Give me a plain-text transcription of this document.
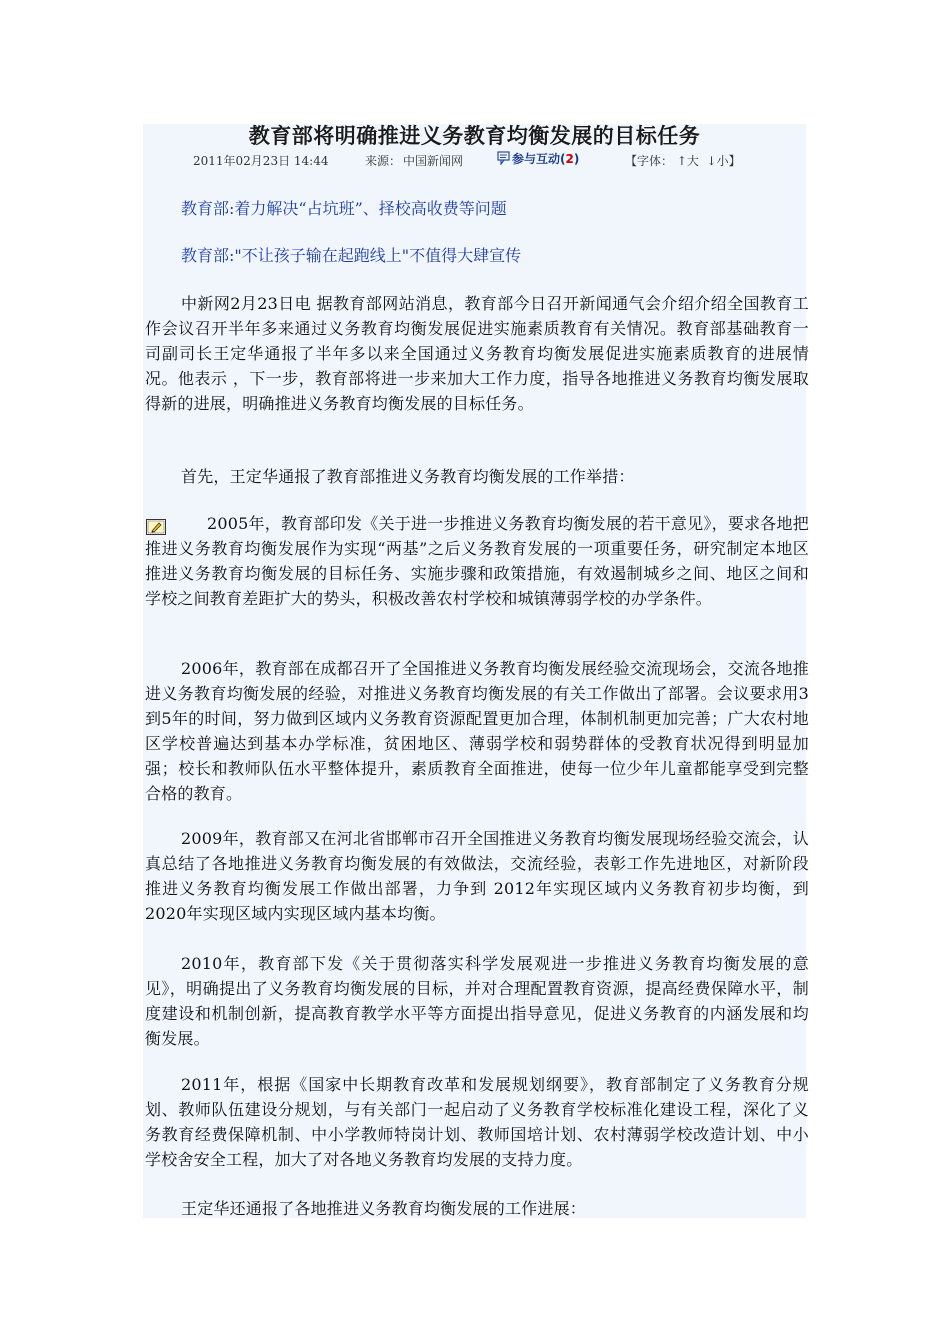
教育部将明确推进义务教育均衡发展的目标任务
2011年02月23日 14:44	来源： 中国新闻网	参与互动(2)	【字体： ↑大 ↓小】
教育部:着力解决“占坑班”、择校高收费等问题
教育部:"不让孩子输在起跑线上"不值得大肆宣传

中新网2月23日电 据教育部网站消息，教育部今日召开新闻通气会介绍介绍全国教育工作会议召开半年多来通过义务教育均衡发展促进实施素质教育有关情况。教育部基础教育一司副司长王定华通报了半年多以来全国通过义务教育均衡发展促进实施素质教育的进展情况。他表示 ，下一步，教育部将进一步来加大工作力度，指导各地推进义务教育均衡发展取得新的进展，明确推进义务教育均衡发展的目标任务。

首先，王定华通报了教育部推进义务教育均衡发展的工作举措：

2005年，教育部印发《关于进一步推进义务教育均衡发展的若干意见》，要求各地把推进义务教育均衡发展作为实现“两基”之后义务教育发展的一项重要任务，研究制定本地区推进义务教育均衡发展的目标任务、实施步骤和政策措施，有效遏制城乡之间、地区之间和学校之间教育差距扩大的势头，积极改善农村学校和城镇薄弱学校的办学条件。

2006年，教育部在成都召开了全国推进义务教育均衡发展经验交流现场会，交流各地推进义务教育均衡发展的经验，对推进义务教育均衡发展的有关工作做出了部署。会议要求用3到5年的时间，努力做到区域内义务教育资源配置更加合理，体制机制更加完善；广大农村地区学校普遍达到基本办学标准，贫困地区、薄弱学校和弱势群体的受教育状况得到明显加强；校长和教师队伍水平整体提升，素质教育全面推进，使每一位少年儿童都能享受到完整合格的教育。

2009年，教育部又在河北省邯郸市召开全国推进义务教育均衡发展现场经验交流会，认真总结了各地推进义务教育均衡发展的有效做法，交流经验，表彰工作先进地区，对新阶段推进义务教育均衡发展工作做出部署，力争到 2012年实现区域内义务教育初步均衡，到2020年实现区域内实现区域内基本均衡。

2010年，教育部下发《关于贯彻落实科学发展观进一步推进义务教育均衡发展的意见》，明确提出了义务教育均衡发展的目标，并对合理配置教育资源，提高经费保障水平，制度建设和机制创新，提高教育教学水平等方面提出指导意见，促进义务教育的内涵发展和均衡发展。

2011年，根据《国家中长期教育改革和发展规划纲要》，教育部制定了义务教育分规划、教师队伍建设分规划，与有关部门一起启动了义务教育学校标准化建设工程，深化了义务教育经费保障机制、中小学教师特岗计划、教师国培计划、农村薄弱学校改造计划、中小学校舍安全工程，加大了对各地义务教育均发展的支持力度。

王定华还通报了各地推进义务教育均衡发展的工作进展：
